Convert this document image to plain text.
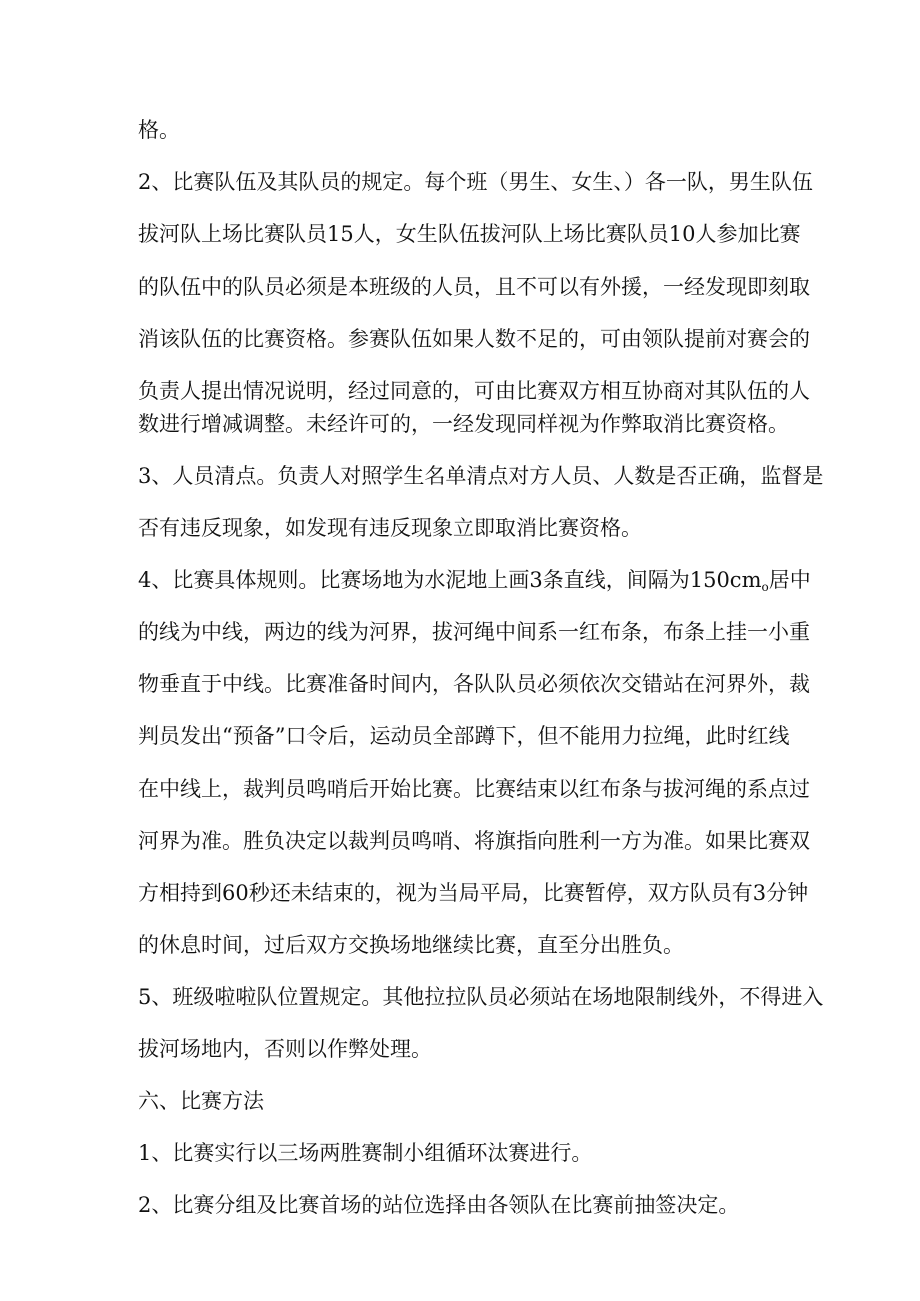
格。
2、比赛队伍及其队员的规定。每个班（男生、女生、）各一队，男生队伍
拔河队上场比赛队员15人，女生队伍拔河队上场比赛队员10人参加比赛
的队伍中的队员必须是本班级的人员，且不可以有外援，一经发现即刻取
消该队伍的比赛资格。参赛队伍如果人数不足的，可由领队提前对赛会的
负责人提出情况说明，经过同意的，可由比赛双方相互协商对其队伍的人
数进行增减调整。未经许可的，一经发现同样视为作弊取消比赛资格。
3、人员清点。负责人对照学生名单清点对方人员、人数是否正确，监督是
否有违反现象，如发现有违反现象立即取消比赛资格。
4、比赛具体规则。比赛场地为水泥地上画3条直线，间隔为$150cm_o$居中
的线为中线，两边的线为河界，拔河绳中间系一红布条，布条上挂一小重
物垂直于中线。比赛准备时间内，各队队员必须依次交错站在河界外，裁
判员发出“预备”口令后，运动员全部蹲下，但不能用力拉绳，此时红线
在中线上，裁判员鸣哨后开始比赛。比赛结束以红布条与拔河绳的系点过
河界为准。胜负决定以裁判员鸣哨、将旗指向胜利一方为准。如果比赛双
方相持到60秒还未结束的，视为当局平局，比赛暂停，双方队员有3分钟
的休息时间，过后双方交换场地继续比赛，直至分出胜负。
5、班级啦啦队位置规定。其他拉拉队员必须站在场地限制线外，不得进入
拔河场地内，否则以作弊处理。
六、比赛方法
1、比赛实行以三场两胜赛制小组循环汰赛进行。
2、比赛分组及比赛首场的站位选择由各领队在比赛前抽签决定。
